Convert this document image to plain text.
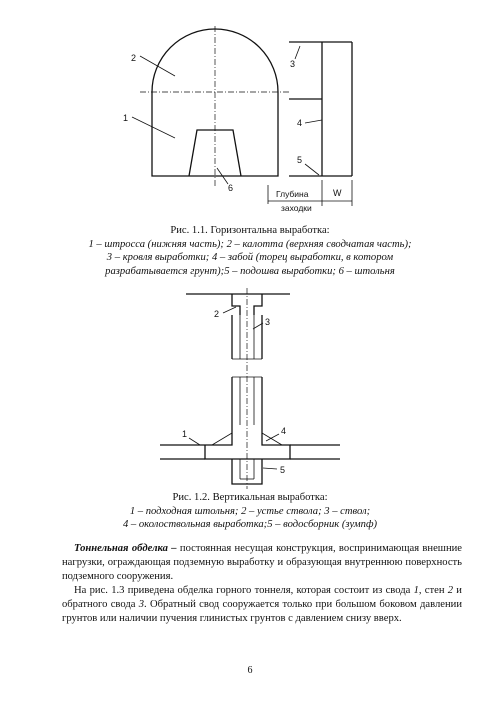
2
1
6
3
4
5
Глубина
заходки
W
Рис. 1.1. Горизонтальна выработка:
1 – штросса (нижняя часть); 2 – калотта (верхняя сводчатая часть);
3 – кровля выработки; 4 – забой (торец выработки, в котором
разрабатывается грунт);5 – подошва выработки; 6 – штольня
2
3
1	4
5
Рис. 1.2. Вертикальная выработка:
1 – подходная штольня; 2 – устье ствола; 3 – ствол;
4 – околоствольная выработка;5 – водосборник (зумпф)
Тоннельная обделка – постоянная несущая конструкция, воспринимающая внешние нагрузки, ограждающая подземную выработку и образующая внутреннюю поверхность подземного сооружения.
На рис. 1.3 приведена обделка горного тоннеля, которая состоит из свода 1, стен 2 и обратного свода 3. Обратный свод сооружается только при большом боковом давлении грунтов или наличии пучения глинистых грунтов с давлением снизу вверх.
6
